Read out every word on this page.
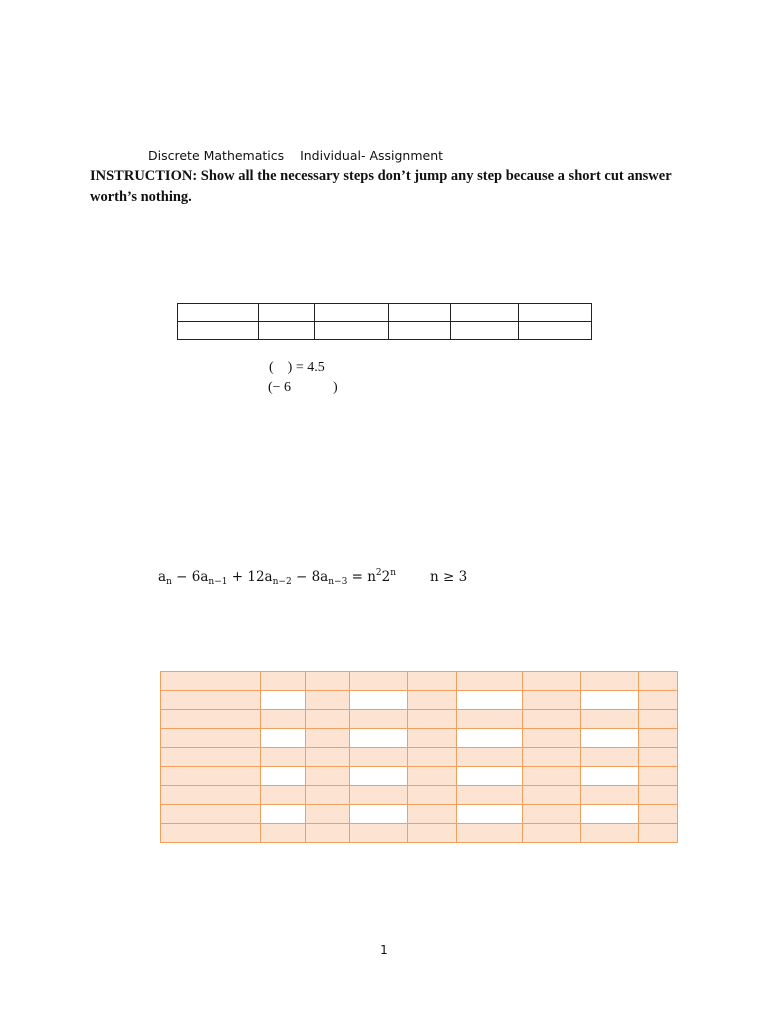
Discrete Mathematics Individual- Assignment
INSTRUCTION: Show all the necessary steps don’t jump any step because a short cut answer worth’s nothing.

(    ) = 4.5
(− 6            )
$a_n - 6a_{n-1} + 12a_{n-2} - 8a_{n-3} = n^22^n$	n ≥ 3

1
